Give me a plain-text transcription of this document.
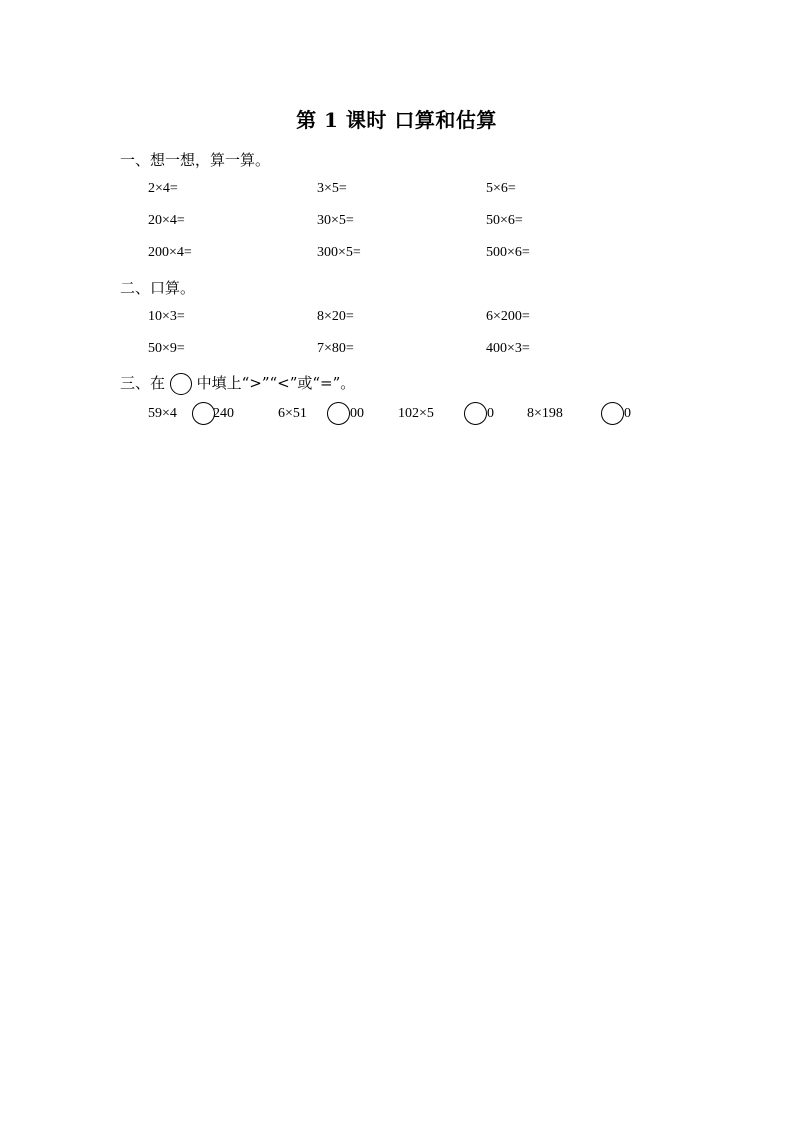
第 1 课时 口算和估算
一、想一想，算一算。
2×4=	3×5=	5×6=
20×4=	30×5=	50×6=
200×4=	300×5=	500×6=
二、口算。
10×3=	8×20=	6×200=
50×9=	7×80=	400×3=
三、在 中填上“>”“<”或“=”。
59×4	240	6×51	00 102×5	0 8×198	0
